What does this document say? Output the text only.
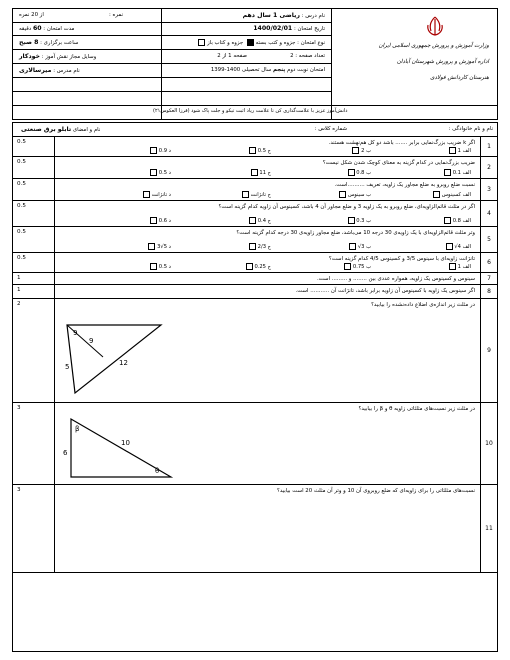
وزارت آموزش و پرورش جمهوری اسلامی ایران
اداره آموزش و پرورش شهرستان آبادان
هنرستان کاردانش فولادی
نام درس : ریاضی 1 سال دهم
تاریخ امتحان : 1400/02/01
نوع امتحان : جزوه و کتب بسته  جزوه و کتاب باز
تعداد صفحه : 2
صفحه 1 از 2
امتحان نوبت دوم پنجم سال تحصیلی 1400-1399
از 20 نمره	نمره :
مدت امتحان : 60 دقیقه
ساعت برگزاری : 8 صبح
وسایل مجاز نقش آموز : خودکار
نام مدرس : میرسالاری
دانش‌آموز عزیز با علامت‌گذاری کن تا علامت ریاد اثبت تیکو و جلت پاک شود (فرزا العکوس۲۱)
نام و نام خانوادگی :
شماره کلاس :
نام و امضای تابلو برق صنعتی
1
0.5	اگر k ضریب بزرگ‌نمایی برابر ....... باشد دو کل هم‌نهشت هستند.
الف 1
ب 2
ج 0.5
د 0.9
2
0.5	ضریب بزرگ‌نمایی در کدام گزینه به معنای کوچک شدن شکل نیست؟
الف 0.1
ب 0.8
ج 11
د 0.5
3
0.5	نسبت ضلع روبرو به ضلع مجاور یک زاویه، تعریف ..........است.
الف کسینوس
ب سینوس
ج تانژانت
د تانژانت
4
0.5	اگر در مثلث قائم‌الزاویه‌ای، ضلع روبرو به یک زاویه 3 و ضلع مجاور آن 4 باشد، کسینوس آن زاویه کدام گزینه است؟
الف 0.8
ب 0.3
ج 0.4
د 0.6
5
0.5	وتر مثلث قائم‌الزاویه‌ای با یک زاویه‌ی 30 درجه 10 می‌باشد، ضلع مجاور زاویه‌ی 30 درجه کدام گزینه است؟
الف 4√
ب 3√
ج 2/3
د 5√3
6
0.5	تانژانت زاویه‌ای با سینوس 3/5 و کسینوس 4/5 کدام گزینه است؟
الف 1
ب 0.75
ج 0.25
د 0.5
7
1	سینوس و کسینوس یک زاویه، همواره عددی بین ........ و ......... است.
8
1	اگر سینوس یک زاویه با کسینوس آن زاویه برابر باشد، تانژانت آن ........... است.
9
2	در مثلث زیر اندازه‌ی اضلاع داده‌نشده را بیابید؟
9
12
5
9
10
3	در مثلث زیر نسبت‌های مثلثاتی زاویه θ و β را بیابید؟
β
10
6
θ
11
3	نسبت‌های مثلثاتی را برای زاویه‌ای که ضلع روبروی آن 10 و وتر آن مثلث 20 است بیابید؟
